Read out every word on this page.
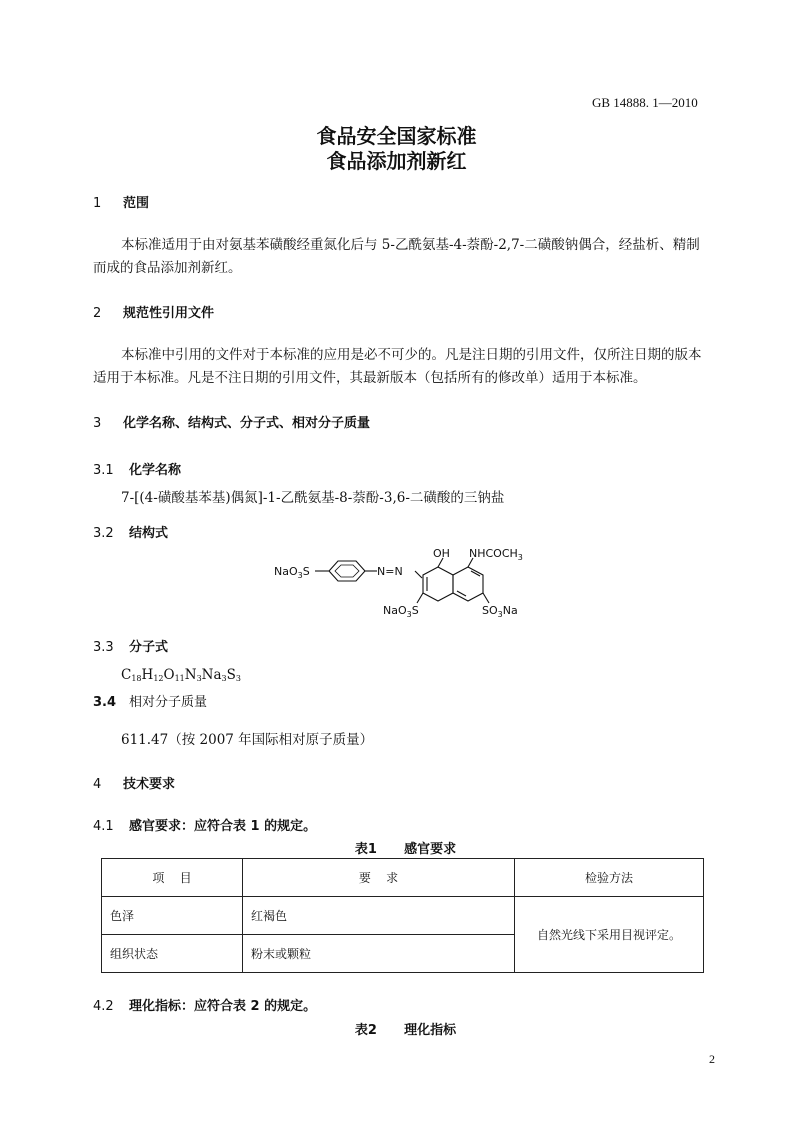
GB 14888. 1—2010
食品安全国家标准
食品添加剂新红
1 范围
本标准适用于由对氨基苯磺酸经重氮化后与 5-乙酰氨基-4-萘酚-2,7-二磺酸钠偶合，经盐析、精制
而成的食品添加剂新红。
2 规范性引用文件
本标准中引用的文件对于本标准的应用是必不可少的。凡是注日期的引用文件，仅所注日期的版本
适用于本标准。凡是不注日期的引用文件，其最新版本（包括所有的修改单）适用于本标准。
3 化学名称、结构式、分子式、相对分子质量
3.1 化学名称
7-[(4-磺酸基苯基)偶氮]-1-乙酰氨基-8-萘酚-3,6-二磺酸的三钠盐
3.2 结构式
NaO$_3$S	N=N
OH $NHCOCH_3$
NaO$_3$S	$SO_3Na$
3.3 分子式
$C_{18}H_{12}O_{11}N_3Na_3S_3$
3.4 相对分子质量
611.47（按 2007 年国际相对原子质量）
4 技术要求
4.1 感官要求：应符合表 1 的规定。
表1      感官要求
项    目	要    求	检验方法
色泽	红褐色	自然光线下采用目视评定。
组织状态	粉末或颗粒	
4.2 理化指标：应符合表 2 的规定。
表2      理化指标
2
